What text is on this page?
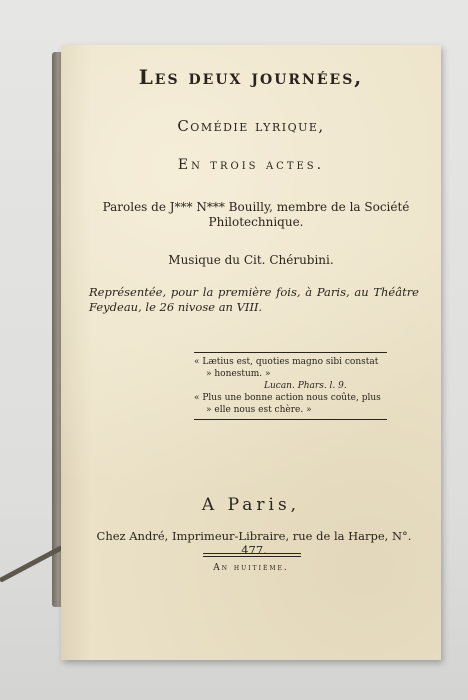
Les deux journées,
Comédie lyrique,
En trois actes.
Paroles de J*** N*** Bouilly, membre de la Société Philotechnique.
Musique du Cit. Chérubini.
Représentée, pour la première fois, à Paris, au Théâtre Feydeau, le 26 nivose an VIII.
« Lætius est, quoties magno sibi constat
» honestum. »
Lucan. Phars. l. 9.
« Plus une bonne action nous coûte, plus
» elle nous est chère. »
A Paris,
Chez André, Imprimeur-Libraire, rue de la Harpe, N°. 477.
An huitième.
